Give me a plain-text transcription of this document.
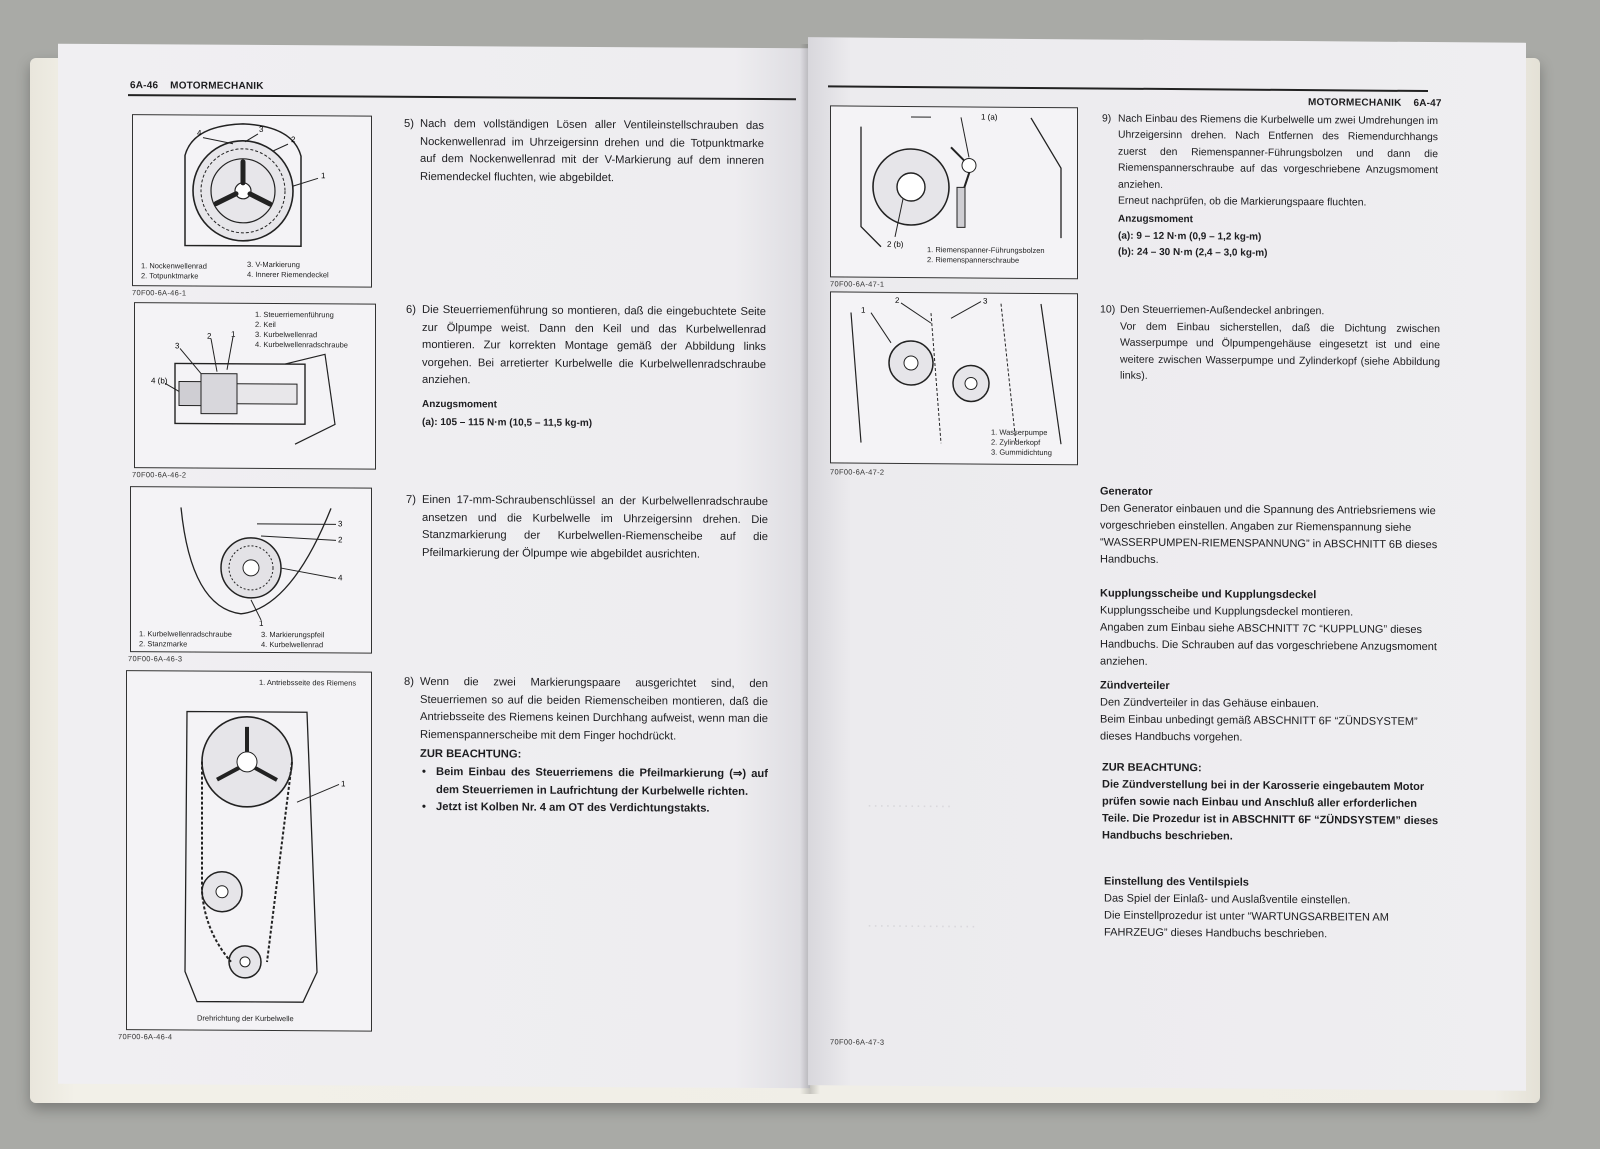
6A-46 MOTORMECHANIK
4	3
2
1
1. Nockenwellenrad
2. Totpunktmarke
3. V-Markierung
4. Innerer Riemendeckel
70F00-6A-46-1
3
2 1
4 (b)
1. Steuerriemenführung
2. Keil
3. Kurbelwellenrad
4. Kurbelwellenradschraube
70F00-6A-46-2
3
2
4
1
1. Kurbelwellenradschraube
2. Stanzmarke
3. Markierungspfeil
4. Kurbelwellenrad
70F00-6A-46-3
1
1. Antriebsseite des Riemens
Drehrichtung der Kurbelwelle
70F00-6A-46-4
5) Nach dem vollständigen Lösen aller Ventileinstellschrauben das Nockenwellenrad im Uhrzeigersinn drehen und die Totpunktmarke auf dem Nockenwellenrad mit der V-Markierung auf dem inneren Riemendeckel fluchten, wie abgebildet.
6) Die Steuerriemenführung so montieren, daß die eingebuchtete Seite zur Ölpumpe weist. Dann den Keil und das Kurbelwellenrad montieren. Zur korrekten Montage gemäß der Abbildung links vorgehen. Bei arretierter Kurbelwelle die Kurbelwellenradschraube anziehen.
Anzugsmoment
(a): 105 – 115 N·m (10,5 – 11,5 kg-m)
7) Einen 17-mm-Schraubenschlüssel an der Kurbelwellenradschraube ansetzen und die Kurbelwelle im Uhrzeigersinn drehen. Die Stanzmarkierung der Kurbelwellen-Riemenscheibe auf die Pfeilmarkierung der Ölpumpe wie abgebildet ausrichten.
8) Wenn die zwei Markierungspaare ausgerichtet sind, den Steuerriemen so auf die beiden Riemenscheiben montieren, daß die Antriebsseite des Riemens keinen Durchhang aufweist, wenn man die Riemenspannerscheibe mit dem Finger hochdrückt.
ZUR BEACHTUNG:
• Beim Einbau des Steuerriemens die Pfeilmarkierung (⇒) auf dem Steuerriemen in Laufrichtung der Kurbelwelle richten.
• Jetzt ist Kolben Nr. 4 am OT des Verdichtungstakts.
MOTORMECHANIK 6A-47
1 (a)
2 (b)
1. Riemenspanner-Führungsbolzen
2. Riemenspannerschraube
70F00-6A-47-1
1
2	3
1. Wasserpumpe
2. Zylinderkopf
3. Gummidichtung
70F00-6A-47-2
70F00-6A-47-3
. . . . . . . . . . . . . .
. . . . . . . . . . . . . . . . . .
9) Nach Einbau des Riemens die Kurbelwelle um zwei Umdrehungen im Uhrzeigersinn drehen. Nach Entfernen des Riemendurchhangs zuerst den Riemenspanner-Führungsbolzen und dann die Riemenspannerschraube auf das vorgeschriebene Anzugsmoment anziehen.
Erneut nachprüfen, ob die Markierungspaare fluchten.
Anzugsmoment
(a): 9 – 12 N·m (0,9 – 1,2 kg-m)
(b): 24 – 30 N·m (2,4 – 3,0 kg-m)
10) Den Steuerriemen-Außendeckel anbringen.
Vor dem Einbau sicherstellen, daß die Dichtung zwischen Wasserpumpe und Ölpumpengehäuse eingesetzt ist und eine weitere zwischen Wasserpumpe und Zylinderkopf (siehe Abbildung links).
Generator
Den Generator einbauen und die Spannung des Antriebsriemens wie vorgeschrieben einstellen. Angaben zur Riemenspannung siehe “WASSERPUMPEN-RIEMENSPANNUNG” in ABSCHNITT 6B dieses Handbuchs.
Kupplungsscheibe und Kupplungsdeckel
Kupplungsscheibe und Kupplungsdeckel montieren.
Angaben zum Einbau siehe ABSCHNITT 7C “KUPPLUNG” dieses Handbuchs. Die Schrauben auf das vorgeschriebene Anzugsmoment anziehen.
Zündverteiler
Den Zündverteiler in das Gehäuse einbauen.
Beim Einbau unbedingt gemäß ABSCHNITT 6F “ZÜNDSYSTEM” dieses Handbuchs vorgehen.
ZUR BEACHTUNG:
Die Zündverstellung bei in der Karosserie eingebautem Motor prüfen sowie nach Einbau und Anschluß aller erforderlichen Teile. Die Prozedur ist in ABSCHNITT 6F “ZÜNDSYSTEM” dieses Handbuchs beschrieben.
Einstellung des Ventilspiels
Das Spiel der Einlaß- und Auslaßventile einstellen.
Die Einstellprozedur ist unter “WARTUNGSARBEITEN AM FAHRZEUG” dieses Handbuchs beschrieben.
